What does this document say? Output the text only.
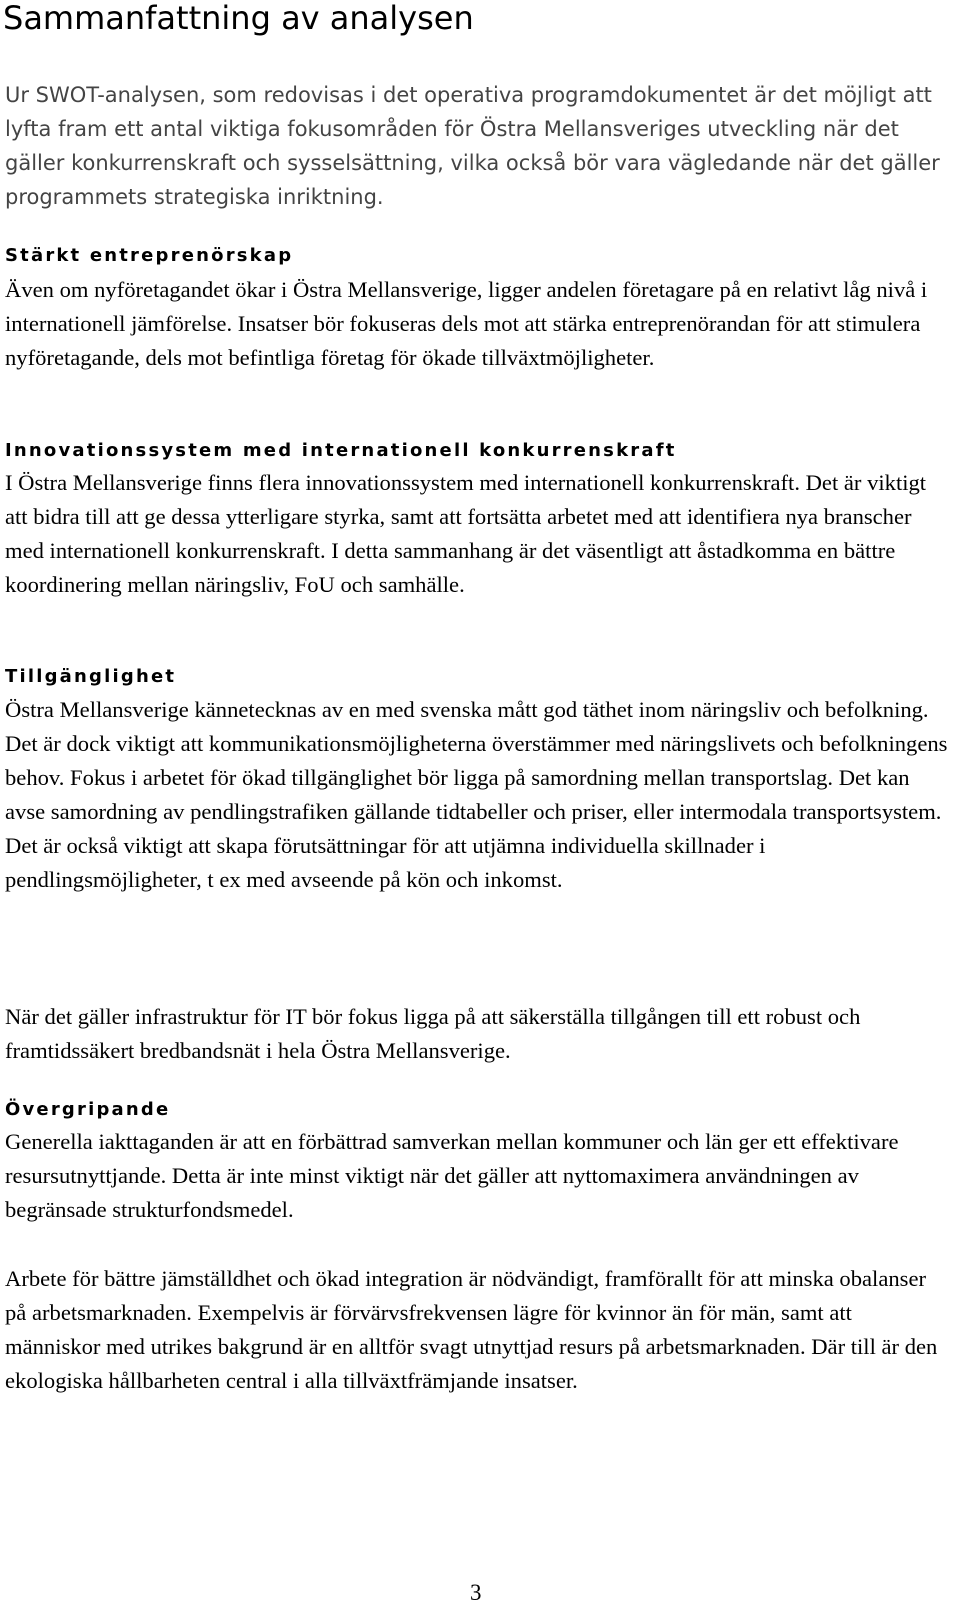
Sammanfattning av analysen

Ur SWOT-analysen, som redovisas i det operativa programdokumentet är det möjligt att lyfta fram ett antal viktiga fokusområden för Östra Mellansveriges utveckling när det gäller konkurrenskraft och sysselsättning, vilka också bör vara vägledande när det gäller programmets strategiska inriktning.

Stärkt entreprenörskap

Även om nyföretagandet ökar i Östra Mellansverige, ligger andelen företagare på en relativt låg nivå i internationell jämförelse. Insatser bör fokuseras dels mot att stärka entreprenörandan för att stimulera nyföretagande, dels mot befintliga företag för ökade tillväxtmöjligheter.

Innovationssystem med internationell konkurrenskraft

I Östra Mellansverige finns flera innovationssystem med internationell konkurrenskraft. Det är viktigt att bidra till att ge dessa ytterligare styrka, samt att fortsätta arbetet med att identifiera nya branscher med internationell konkurrenskraft. I detta sammanhang är det väsentligt att åstadkomma en bättre koordinering mellan näringsliv, FoU och samhälle.

Tillgänglighet

Östra Mellansverige kännetecknas av en med svenska mått god täthet inom näringsliv och befolkning. Det är dock viktigt att kommunikationsmöjligheterna överstämmer med näringslivets och befolkningens behov. Fokus i arbetet för ökad tillgänglighet bör ligga på samordning mellan transportslag. Det kan avse samordning av pendlingstrafiken gällande tidtabeller och priser, eller intermodala transportsystem. Det är också viktigt att skapa förutsättningar för att utjämna individuella skillnader i pendlingsmöjligheter, t ex med avseende på kön och inkomst.

När det gäller infrastruktur för IT bör fokus ligga på att säkerställa tillgången till ett robust och framtidssäkert bredbandsnät i hela Östra Mellansverige.

Övergripande

Generella iakttaganden är att en förbättrad samverkan mellan kommuner och län ger ett effektivare resursutnyttjande. Detta är inte minst viktigt när det gäller att nyttomaximera användningen av begränsade strukturfondsmedel.

Arbete för bättre jämställdhet och ökad integration är nödvändigt, framförallt för att minska obalanser på arbetsmarknaden. Exempelvis är förvärvsfrekvensen lägre för kvinnor än för män, samt att människor med utrikes bakgrund är en alltför svagt utnyttjad resurs på arbetsmarknaden. Där till är den ekologiska hållbarheten central i alla tillväxtfrämjande insatser.

3
